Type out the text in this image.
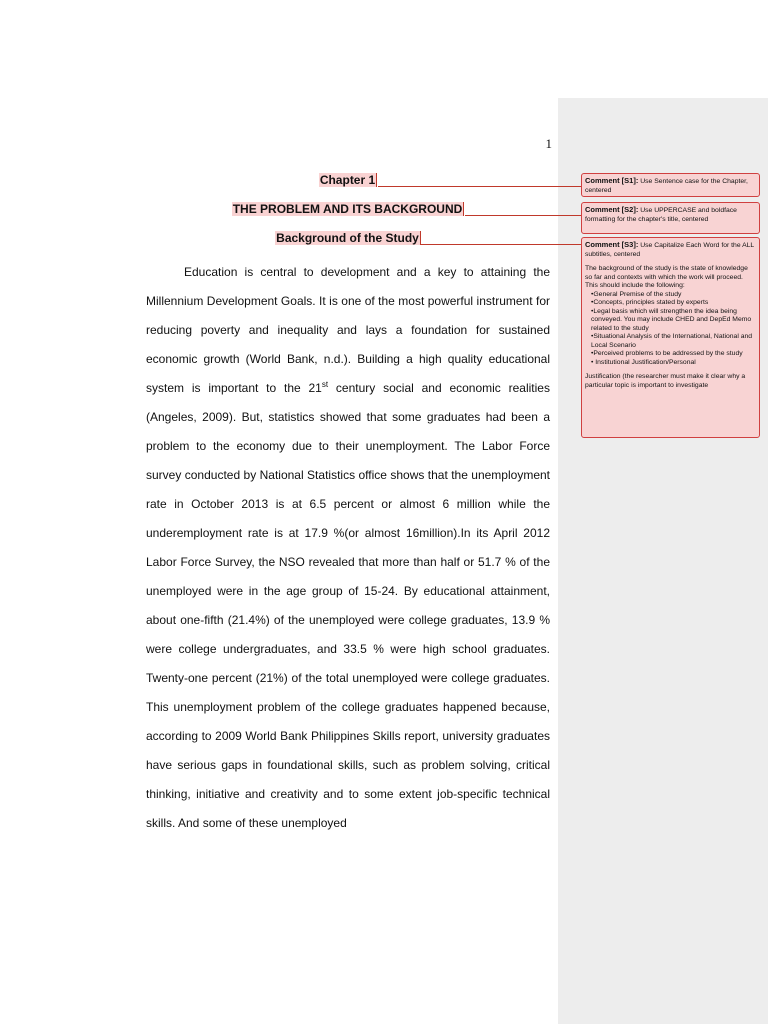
1
Chapter 1
THE PROBLEM AND ITS BACKGROUND
Background of the Study

Education is central to development and a key to attaining the Millennium Development Goals. It is one of the most powerful instrument for reducing poverty and inequality and lays a foundation for sustained economic growth (World Bank, n.d.). Building a high quality educational system is important to the 21st century social and economic realities (Angeles, 2009). But, statistics showed that some graduates had been a problem to the economy due to their unemployment. The Labor Force survey conducted by National Statistics office shows that the unemployment rate in October 2013 is at 6.5 percent or almost 6 million while the underemployment rate is at 17.9 %(or almost 16million).In its April 2012 Labor Force Survey, the NSO revealed that more than half or 51.7 % of the unemployed were in the age group of 15-24. By educational attainment, about one-fifth (21.4%) of the unemployed were college graduates, 13.9 % were college undergraduates, and 33.5 % were high school graduates. Twenty-one percent (21%) of the total unemployed were college graduates. This unemployment problem of the college graduates happened because, according to 2009 World Bank Philippines Skills report, university graduates have serious gaps in foundational skills, such as problem solving, critical thinking, initiative and creativity and to some extent job-specific technical skills. And some of these unemployed

Comment [S1]: Use Sentence case for the Chapter, centered
Comment [S2]: Use UPPERCASE and boldface formatting for the chapter's title, centered
Comment [S3]: Use Capitalize Each Word for the ALL subtitles, centered
The background of the study is the state of knowledge so far and contexts with which the work will proceed. This should include the following:
•General Premise of the study
•Concepts, principles stated by experts
•Legal basis which will strengthen the idea being conveyed. You may include CHED and DepEd Memo related to the study
•Situational Analysis of the International, National and Local Scenario
•Perceived problems to be addressed by the study
• Institutional Justification/Personal
Justification (the researcher must make it clear why a particular topic is important to investigate
